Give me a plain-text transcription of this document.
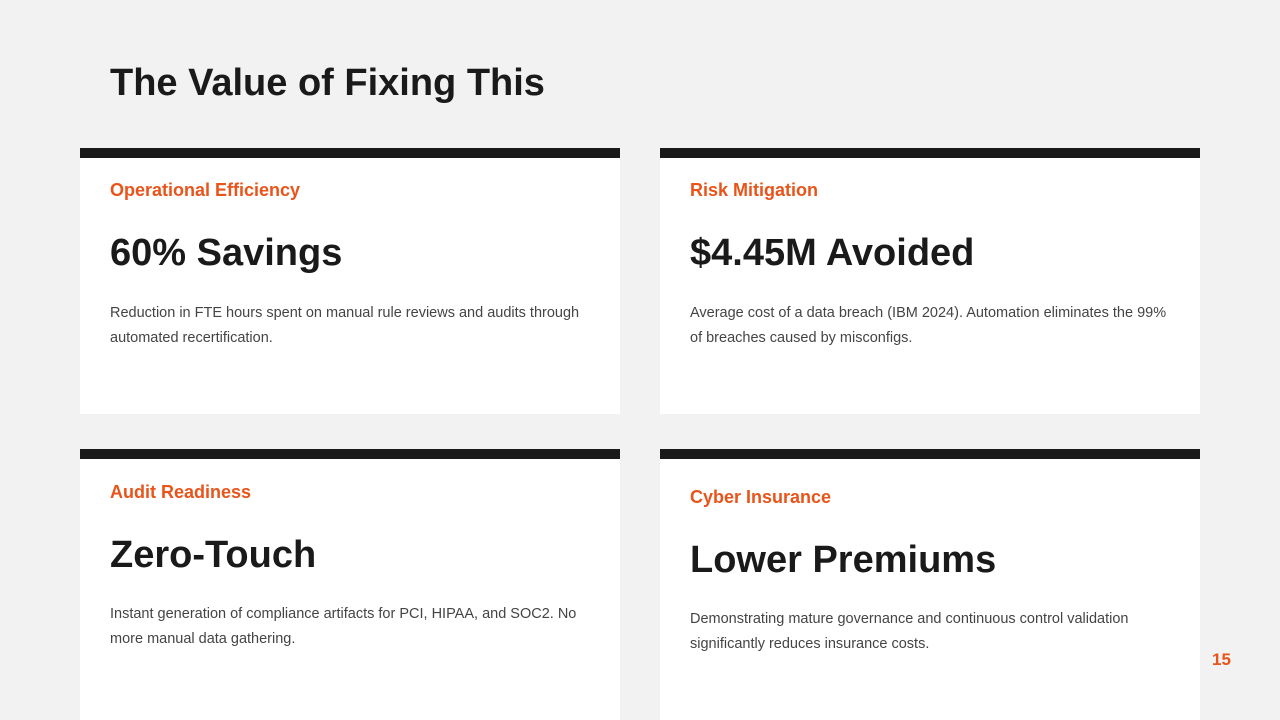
The Value of Fixing This
Operational Efficiency
60% Savings
Reduction in FTE hours spent on manual rule reviews and audits through automated recertification.
Risk Mitigation
$4.45M Avoided
Average cost of a data breach (IBM 2024). Automation eliminates the 99% of breaches caused by misconfigs.
Audit Readiness
Zero-Touch
Instant generation of compliance artifacts for PCI, HIPAA, and SOC2. No more manual data gathering.
Cyber Insurance
Lower Premiums
Demonstrating mature governance and continuous control validation significantly reduces insurance costs.
15
